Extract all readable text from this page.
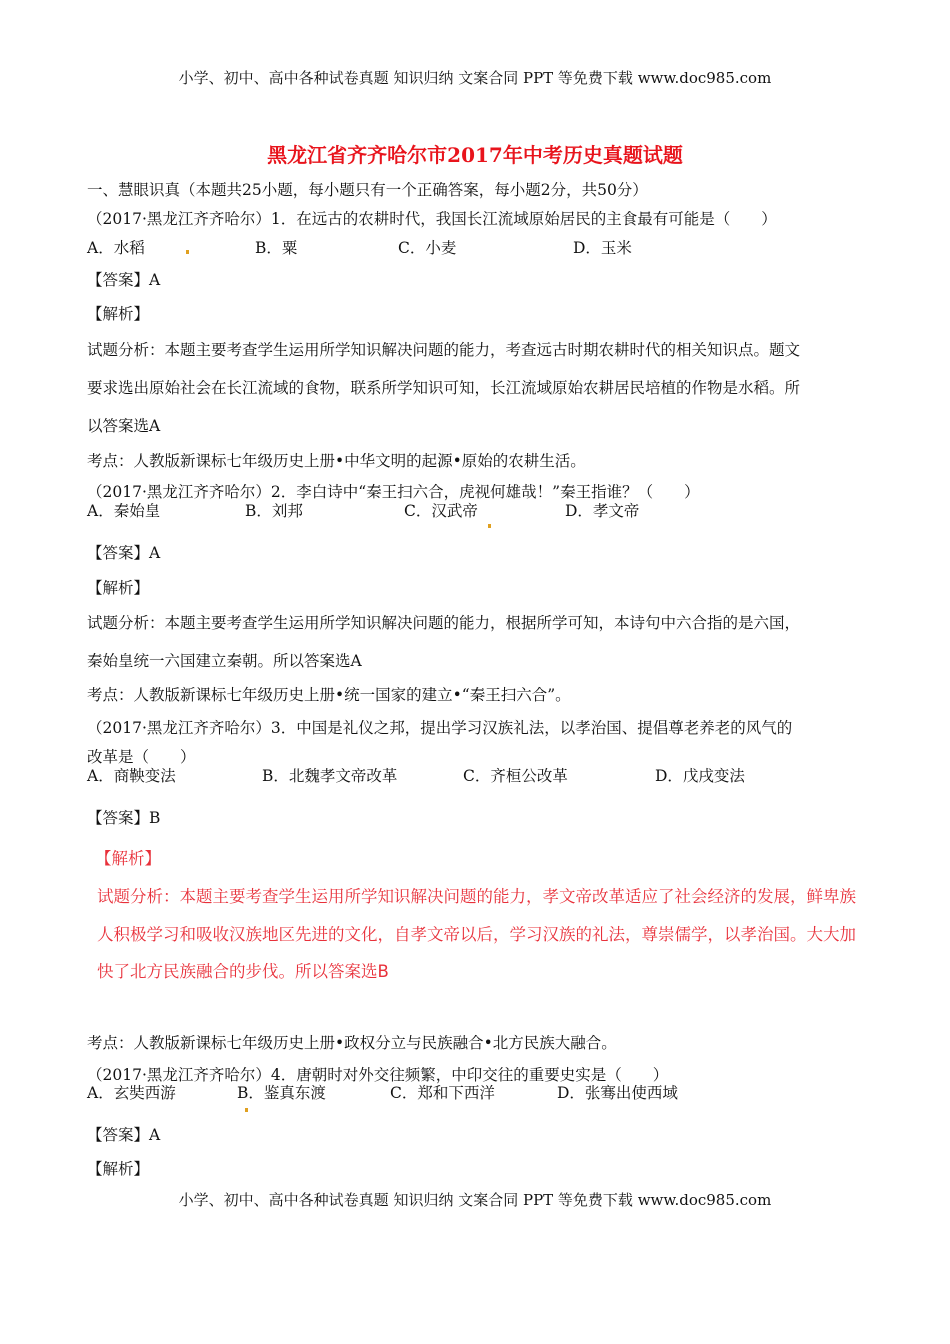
小学、初中、高中各种试卷真题 知识归纳 文案合同 PPT 等免费下载 www.doc985.com
黑龙江省齐齐哈尔市2017年中考历史真题试题
一、慧眼识真（本题共25小题，每小题只有一个正确答案，每小题2分，共50分）
（2017·黑龙江齐齐哈尔）1．在远古的农耕时代，我国长江流域原始居民的主食最有可能是（　　）
A．水稻	B．粟	C．小麦	D．玉米
【答案】A
【解析】
试题分析：本题主要考查学生运用所学知识解决问题的能力，考查远古时期农耕时代的相关知识点。题文
要求选出原始社会在长江流域的食物，联系所学知识可知，长江流域原始农耕居民培植的作物是水稻。所
以答案选A
考点：人教版新课标七年级历史上册•中华文明的起源•原始的农耕生活。
（2017·黑龙江齐齐哈尔）2．李白诗中“秦王扫六合，虎视何雄哉！”秦王指谁？（　　）
A．秦始皇	B．刘邦	C．汉武帝	D．孝文帝
【答案】A
【解析】
试题分析：本题主要考查学生运用所学知识解决问题的能力，根据所学可知，本诗句中六合指的是六国，
秦始皇统一六国建立秦朝。所以答案选A
考点：人教版新课标七年级历史上册•统一国家的建立•“秦王扫六合”。
（2017·黑龙江齐齐哈尔）3．中国是礼仪之邦，提出学习汉族礼法，以孝治国、提倡尊老养老的风气的
改革是（　　）
A．商鞅变法	B．北魏孝文帝改革	C．齐桓公改革	D．戊戌变法
【答案】B
【解析】
试题分析：本题主要考查学生运用所学知识解决问题的能力，孝文帝改革适应了社会经济的发展，鲜卑族
人积极学习和吸收汉族地区先进的文化，自孝文帝以后，学习汉族的礼法，尊崇儒学，以孝治国。大大加
快了北方民族融合的步伐。所以答案选B
考点：人教版新课标七年级历史上册•政权分立与民族融合•北方民族大融合。
（2017·黑龙江齐齐哈尔）4．唐朝时对外交往频繁，中印交往的重要史实是（　　）
A．玄奘西游	B．鉴真东渡	C．郑和下西洋	D．张骞出使西域
【答案】A
【解析】
小学、初中、高中各种试卷真题 知识归纳 文案合同 PPT 等免费下载 www.doc985.com
